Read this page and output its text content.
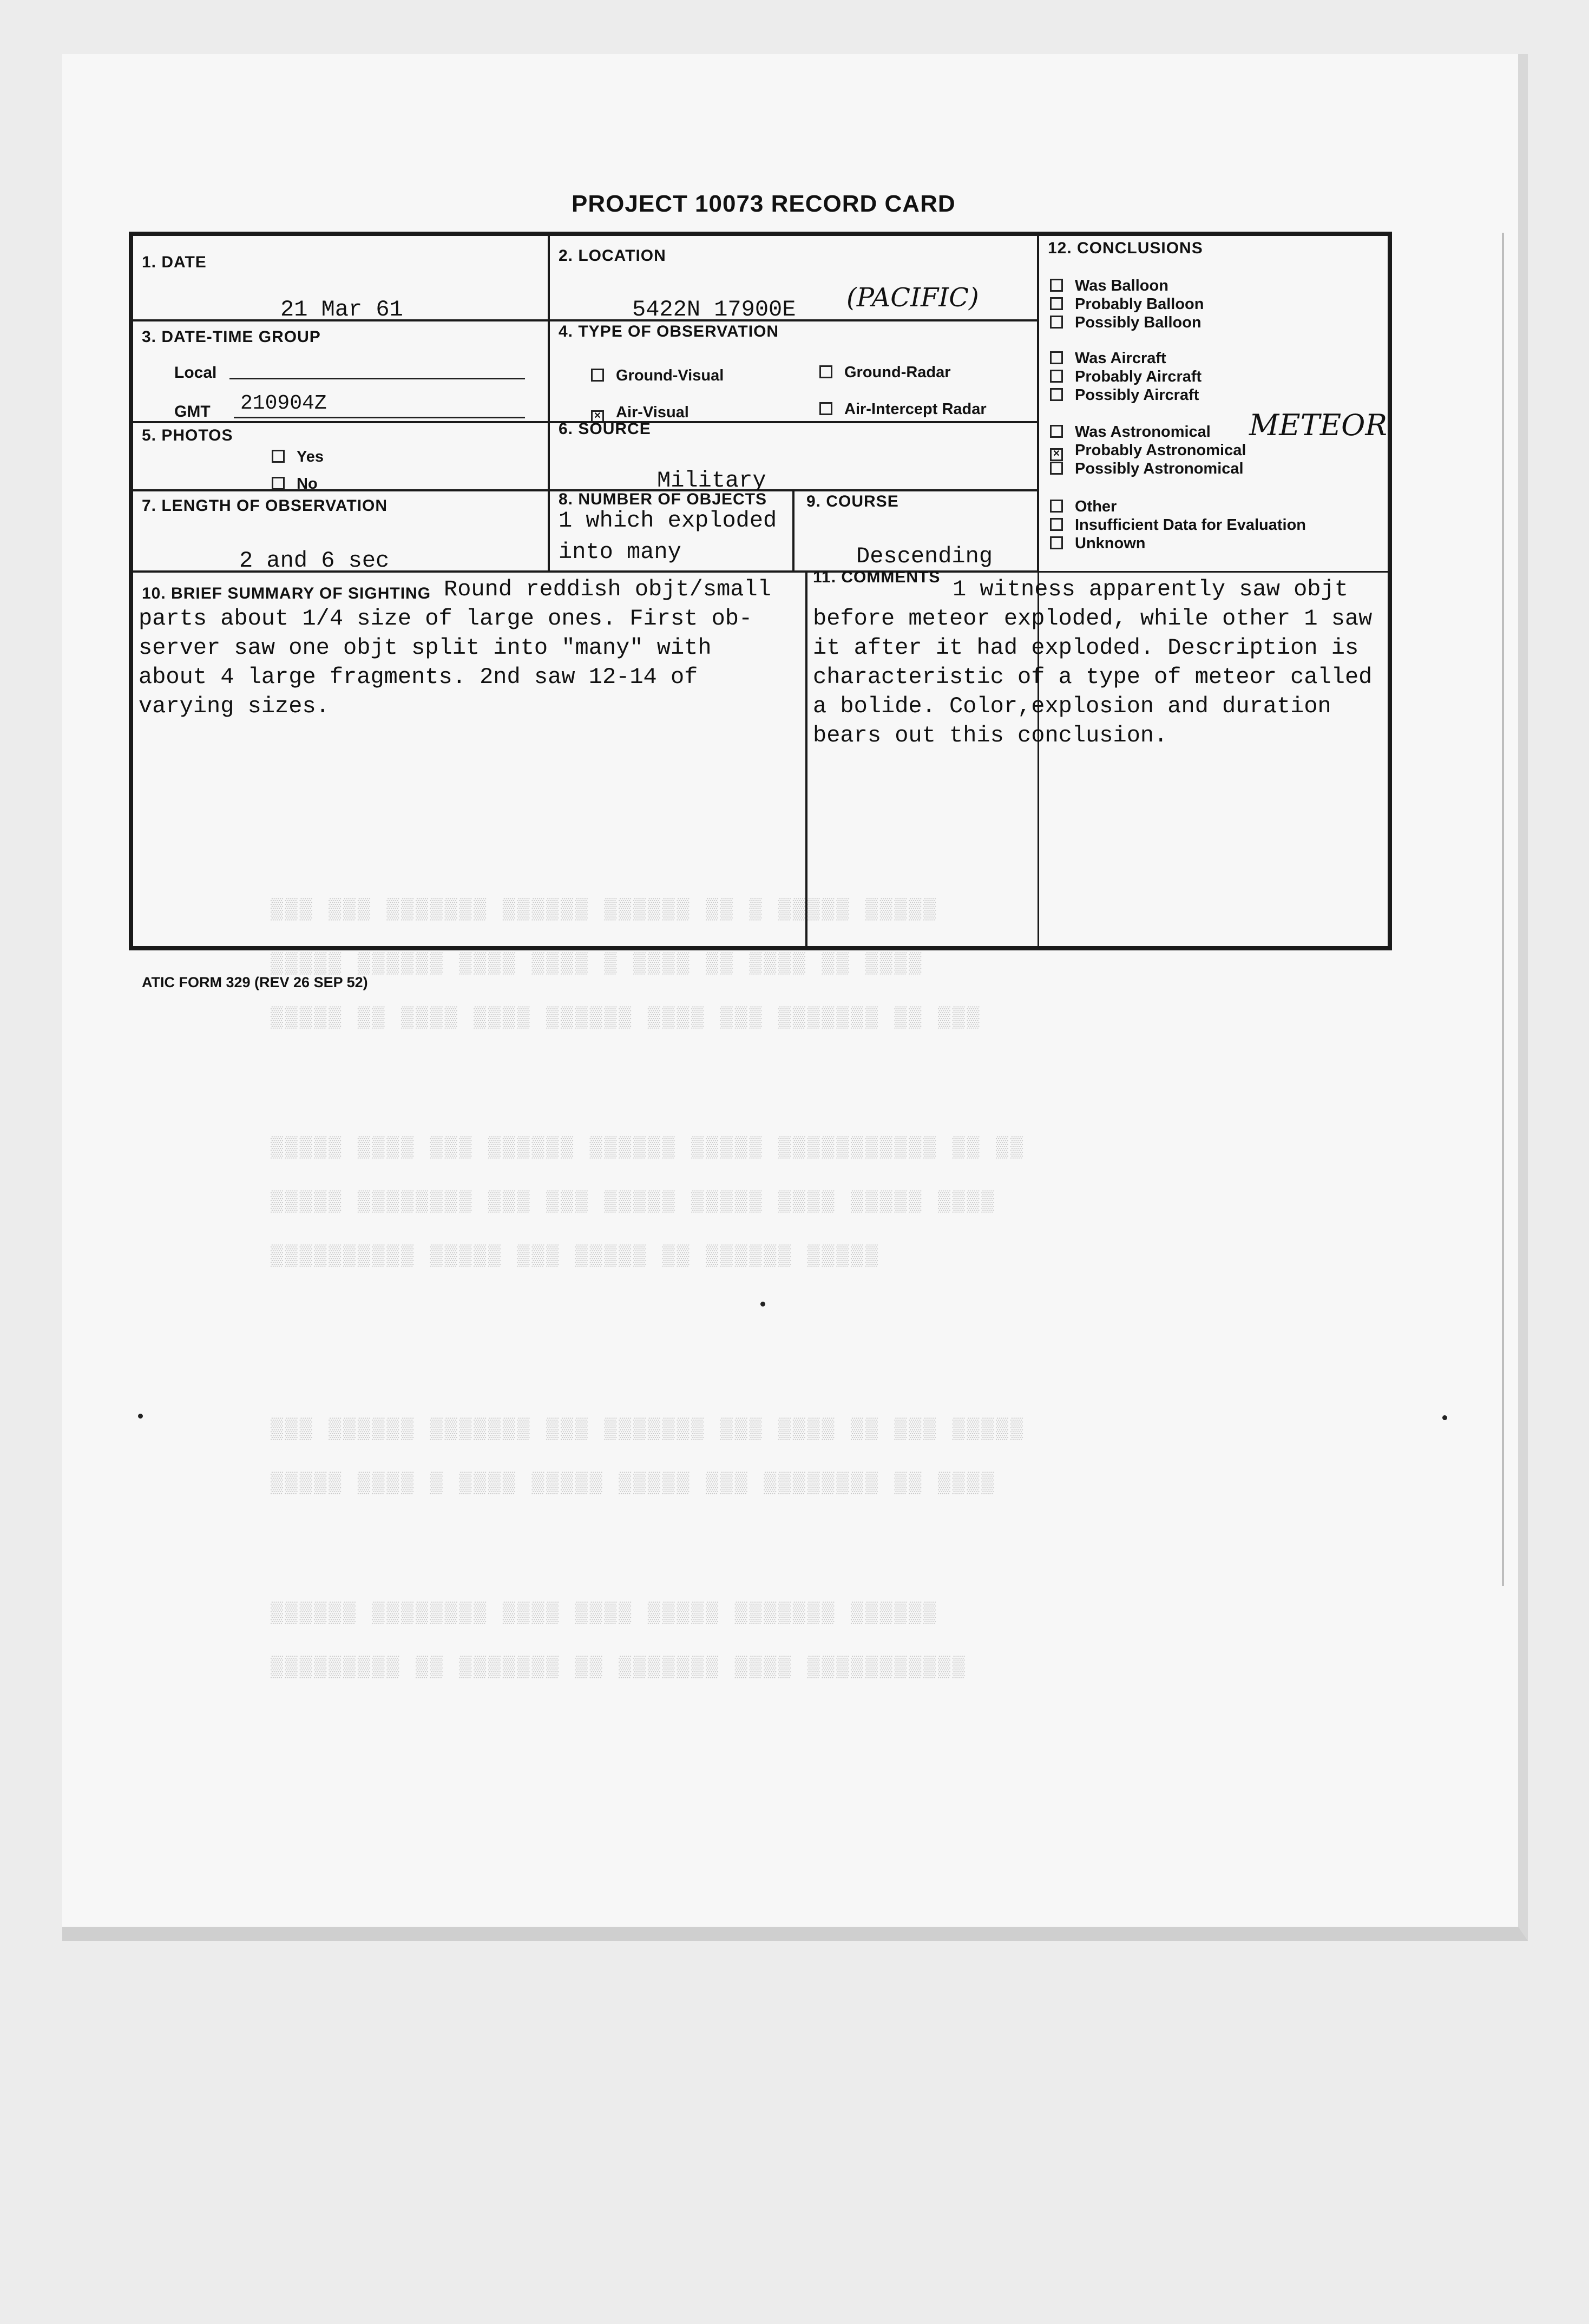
▒▒▒ ▒▒▒ ▒▒▒▒▒▒▒ ▒▒▒▒▒▒ ▒▒▒▒▒▒ ▒▒ ▒ ▒▒▒▒▒ ▒▒▒▒▒
▒▒▒▒▒ ▒▒▒▒▒▒ ▒▒▒▒ ▒▒▒▒ ▒ ▒▒▒▒ ▒▒ ▒▒▒▒ ▒▒ ▒▒▒▒
▒▒▒▒▒ ▒▒ ▒▒▒▒ ▒▒▒▒ ▒▒▒▒▒▒ ▒▒▒▒ ▒▒▒ ▒▒▒▒▒▒▒ ▒▒ ▒▒▒
▒▒▒▒▒ ▒▒▒▒ ▒▒▒ ▒▒▒▒▒▒ ▒▒▒▒▒▒ ▒▒▒▒▒ ▒▒▒▒▒▒▒▒▒▒▒ ▒▒ ▒▒
▒▒▒▒▒ ▒▒▒▒▒▒▒▒ ▒▒▒ ▒▒▒ ▒▒▒▒▒ ▒▒▒▒▒ ▒▒▒▒ ▒▒▒▒▒ ▒▒▒▒
▒▒▒▒▒▒▒▒▒▒ ▒▒▒▒▒ ▒▒▒ ▒▒▒▒▒ ▒▒ ▒▒▒▒▒▒ ▒▒▒▒▒
▒▒▒ ▒▒▒▒▒▒ ▒▒▒▒▒▒▒ ▒▒▒ ▒▒▒▒▒▒▒ ▒▒▒ ▒▒▒▒ ▒▒ ▒▒▒ ▒▒▒▒▒
▒▒▒▒▒ ▒▒▒▒ ▒ ▒▒▒▒ ▒▒▒▒▒ ▒▒▒▒▒ ▒▒▒ ▒▒▒▒▒▒▒▒ ▒▒ ▒▒▒▒
▒▒▒▒▒▒ ▒▒▒▒▒▒▒▒ ▒▒▒▒ ▒▒▒▒ ▒▒▒▒▒ ▒▒▒▒▒▒▒ ▒▒▒▒▒▒
▒▒▒▒▒▒▒▒▒ ▒▒ ▒▒▒▒▒▒▒ ▒▒ ▒▒▒▒▒▒▒ ▒▒▒▒ ▒▒▒▒▒▒▒▒▒▒▒
PROJECT 10073 RECORD CARD
1. DATE
21 Mar 61
2. LOCATION
5422N 17900E (PACIFIC)
12. CONCLUSIONS
Was Balloon
Probably Balloon
Possibly Balloon
Was Aircraft
Probably Aircraft
Possibly Aircraft
Was Astronomical METEOR
✕ Probably Astronomical
Possibly Astronomical
Other
Insufficient Data for Evaluation
Unknown
3. DATE-TIME GROUP
Local
GMT 210904Z
4. TYPE OF OBSERVATION
Ground-Visual	Ground-Radar
✕ Air-Visual	Air-Intercept Radar
5. PHOTOS
Yes
No
6. SOURCE
Military
7. LENGTH OF OBSERVATION
2 and 6 sec
8. NUMBER OF OBJECTS
1 which exploded
into many
9. COURSE
Descending
10. BRIEF SUMMARY OF SIGHTING Round reddish objt/small
parts about 1/4 size of large ones. First ob-
server saw one objt split into "many" with
about 4 large fragments. 2nd saw 12-14 of
varying sizes.
11. COMMENTS 1 witness apparently saw objt
before meteor exploded, while other 1 saw
it after it had exploded. Description is
characteristic of a type of meteor called
a bolide. Color,explosion and duration
bears out this conclusion.
ATIC FORM 329 (REV 26 SEP 52)
